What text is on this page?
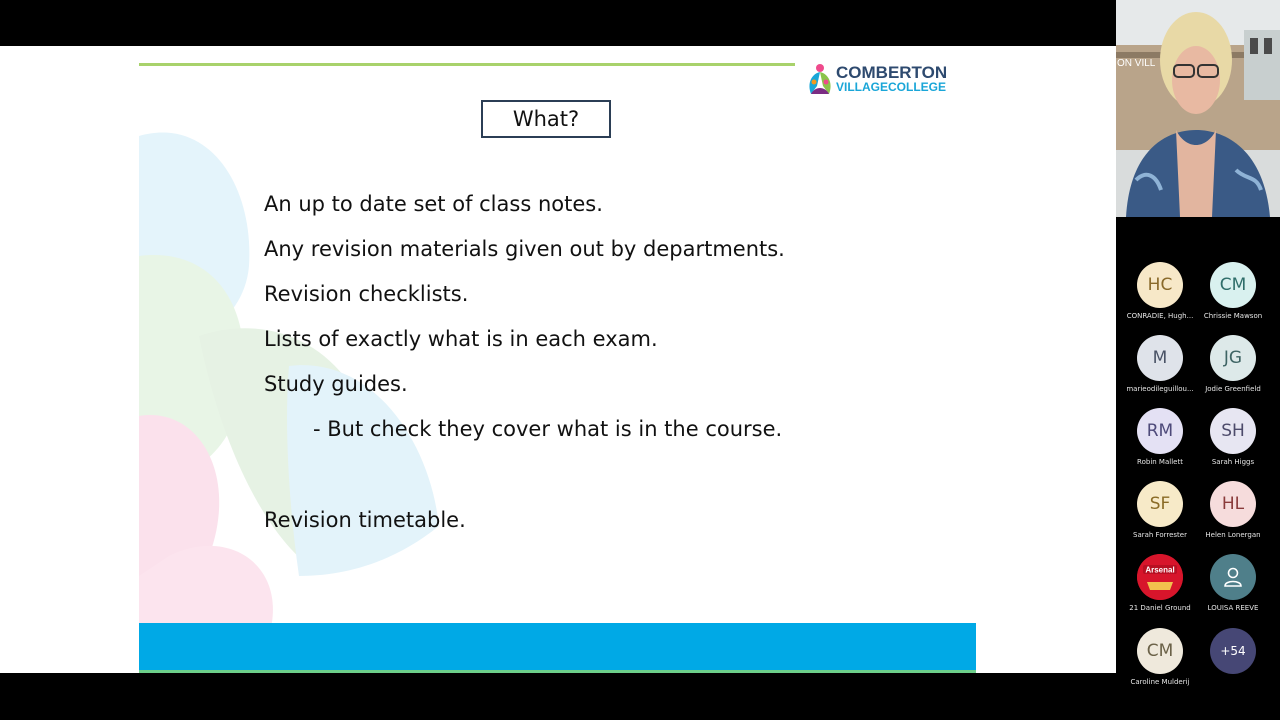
COMBERTON
VILLAGECOLLEGE
What?
An up to date set of class notes.
Any revision materials given out by departments.
Revision checklists.
Lists of exactly what is in each exam.
Study guides.
- But check they cover what is in the course.
Revision timetable.
ON VILL
HC
CONRADIE, Hugh...
CM
Chrissie Mawson
M
marieodileguillou...
JG
Jodie Greenfield
RM
Robin Mallett
SH
Sarah Higgs
SF
Sarah Forrester
HL
Helen Lonergan
Arsenal
21 Daniel Ground	LOUISA REEVE
CM
Caroline Mulderij
+54
